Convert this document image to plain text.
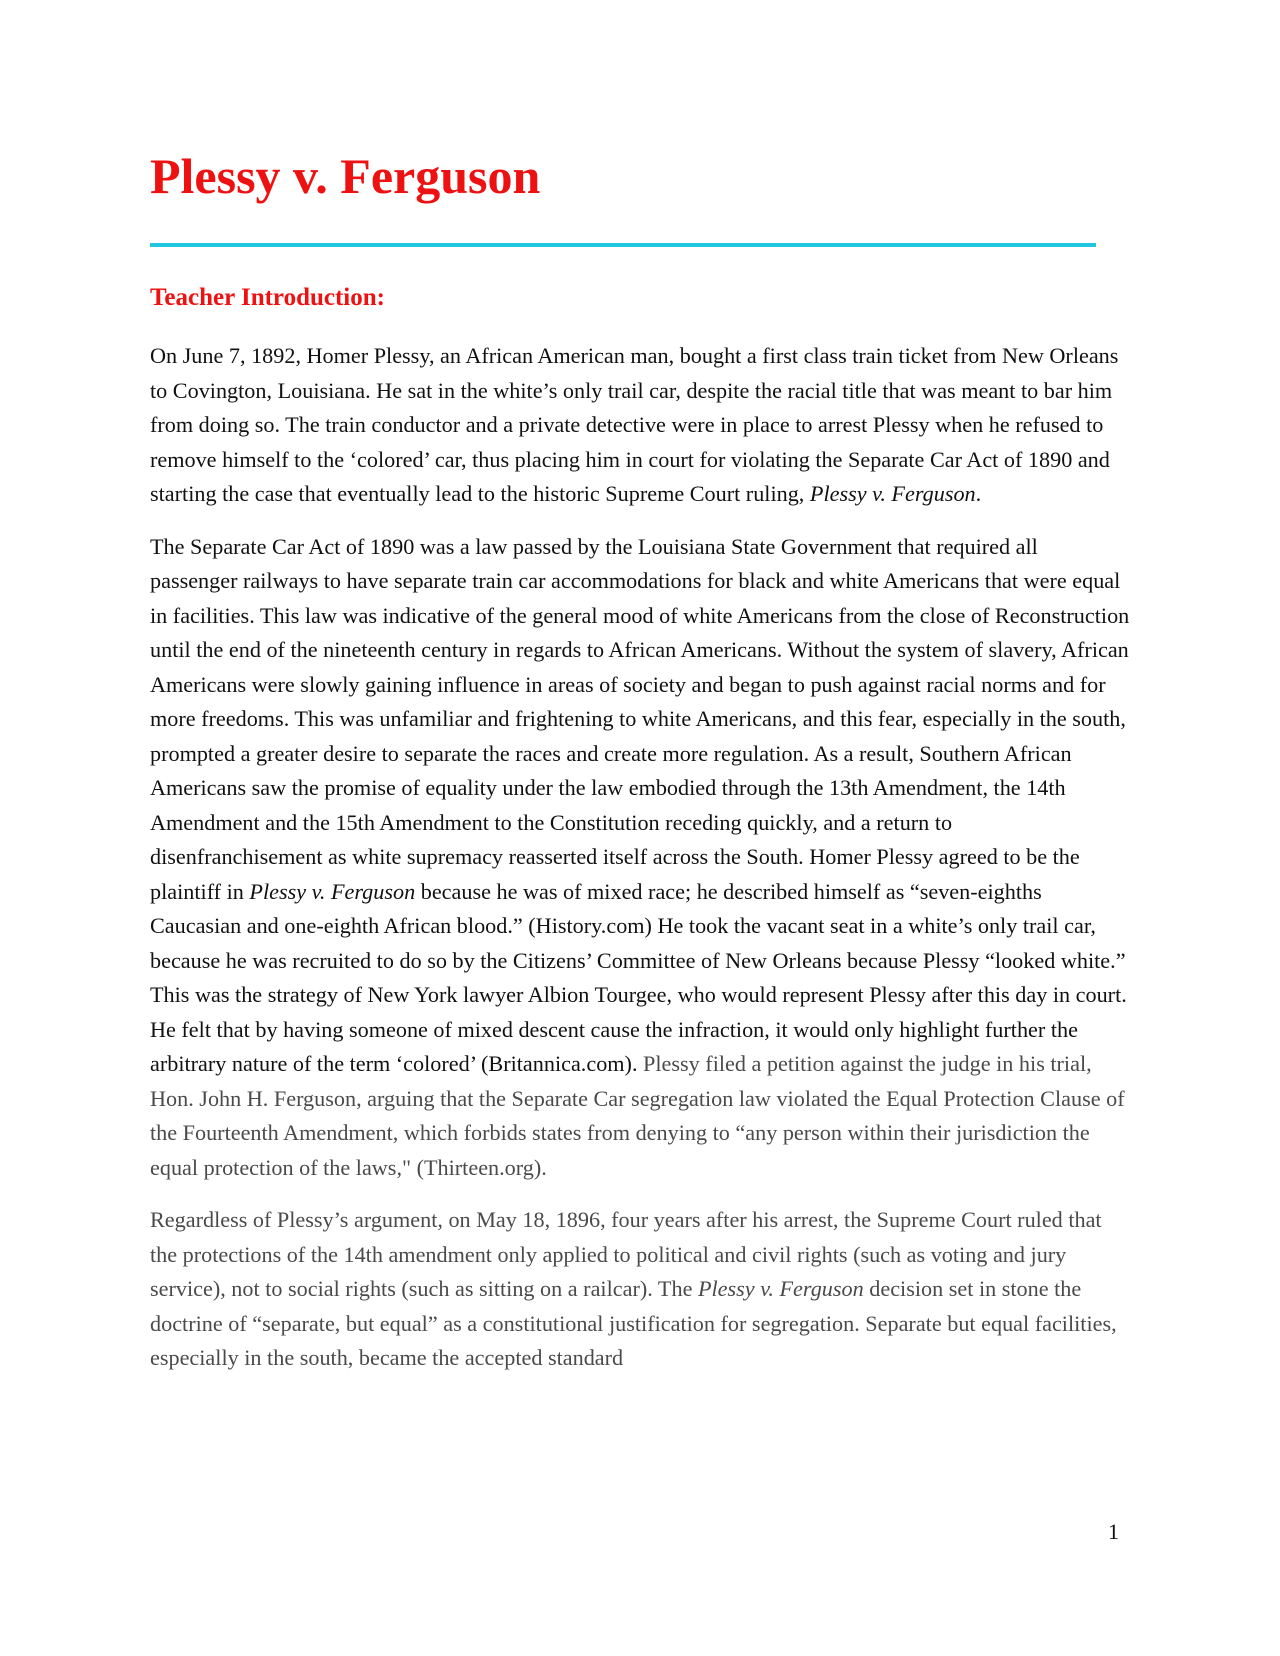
Plessy v. Ferguson
Teacher Introduction:

On June 7, 1892, Homer Plessy, an African American man, bought a first class train ticket from New Orleans to Covington, Louisiana. He sat in the white’s only trail car, despite the racial title that was meant to bar him from doing so. The train conductor and a private detective were in place to arrest Plessy when he refused to remove himself to the ‘colored’ car, thus placing him in court for violating the Separate Car Act of 1890 and starting the case that eventually lead to the historic Supreme Court ruling, Plessy v. Ferguson.

The Separate Car Act of 1890 was a law passed by the Louisiana State Government that required all passenger railways to have separate train car accommodations for black and white Americans that were equal in facilities. This law was indicative of the general mood of white Americans from the close of Reconstruction until the end of the nineteenth century in regards to African Americans. Without the system of slavery, African Americans were slowly gaining influence in areas of society and began to push against racial norms and for more freedoms. This was unfamiliar and frightening to white Americans, and this fear, especially in the south, prompted a greater desire to separate the races and create more regulation. As a result, Southern African Americans saw the promise of equality under the law embodied through the 13th Amendment, the 14th Amendment and the 15th Amendment to the Constitution receding quickly, and a return to disenfranchisement as white supremacy reasserted itself across the South. Homer Plessy agreed to be the plaintiff in Plessy v. Ferguson because he was of mixed race; he described himself as “seven-eighths Caucasian and one-eighth African blood.” (History.com) He took the vacant seat in a white’s only trail car, because he was recruited to do so by the Citizens’ Committee of New Orleans because Plessy “looked white.” This was the strategy of New York lawyer Albion Tourgee, who would represent Plessy after this day in court. He felt that by having someone of mixed descent cause the infraction, it would only highlight further the arbitrary nature of the term ‘colored’ (Britannica.com). Plessy filed a petition against the judge in his trial, Hon. John H. Ferguson, arguing that the Separate Car segregation law violated the Equal Protection Clause of the Fourteenth Amendment, which forbids states from denying to “any person within their jurisdiction the equal protection of the laws," (Thirteen.org).

Regardless of Plessy’s argument, on May 18, 1896, four years after his arrest, the Supreme Court ruled that the protections of the 14th amendment only applied to political and civil rights (such as voting and jury service), not to social rights (such as sitting on a railcar). The Plessy v. Ferguson decision set in stone the doctrine of “separate, but equal” as a constitutional justification for segregation. Separate but equal facilities, especially in the south, became the accepted standard

1
